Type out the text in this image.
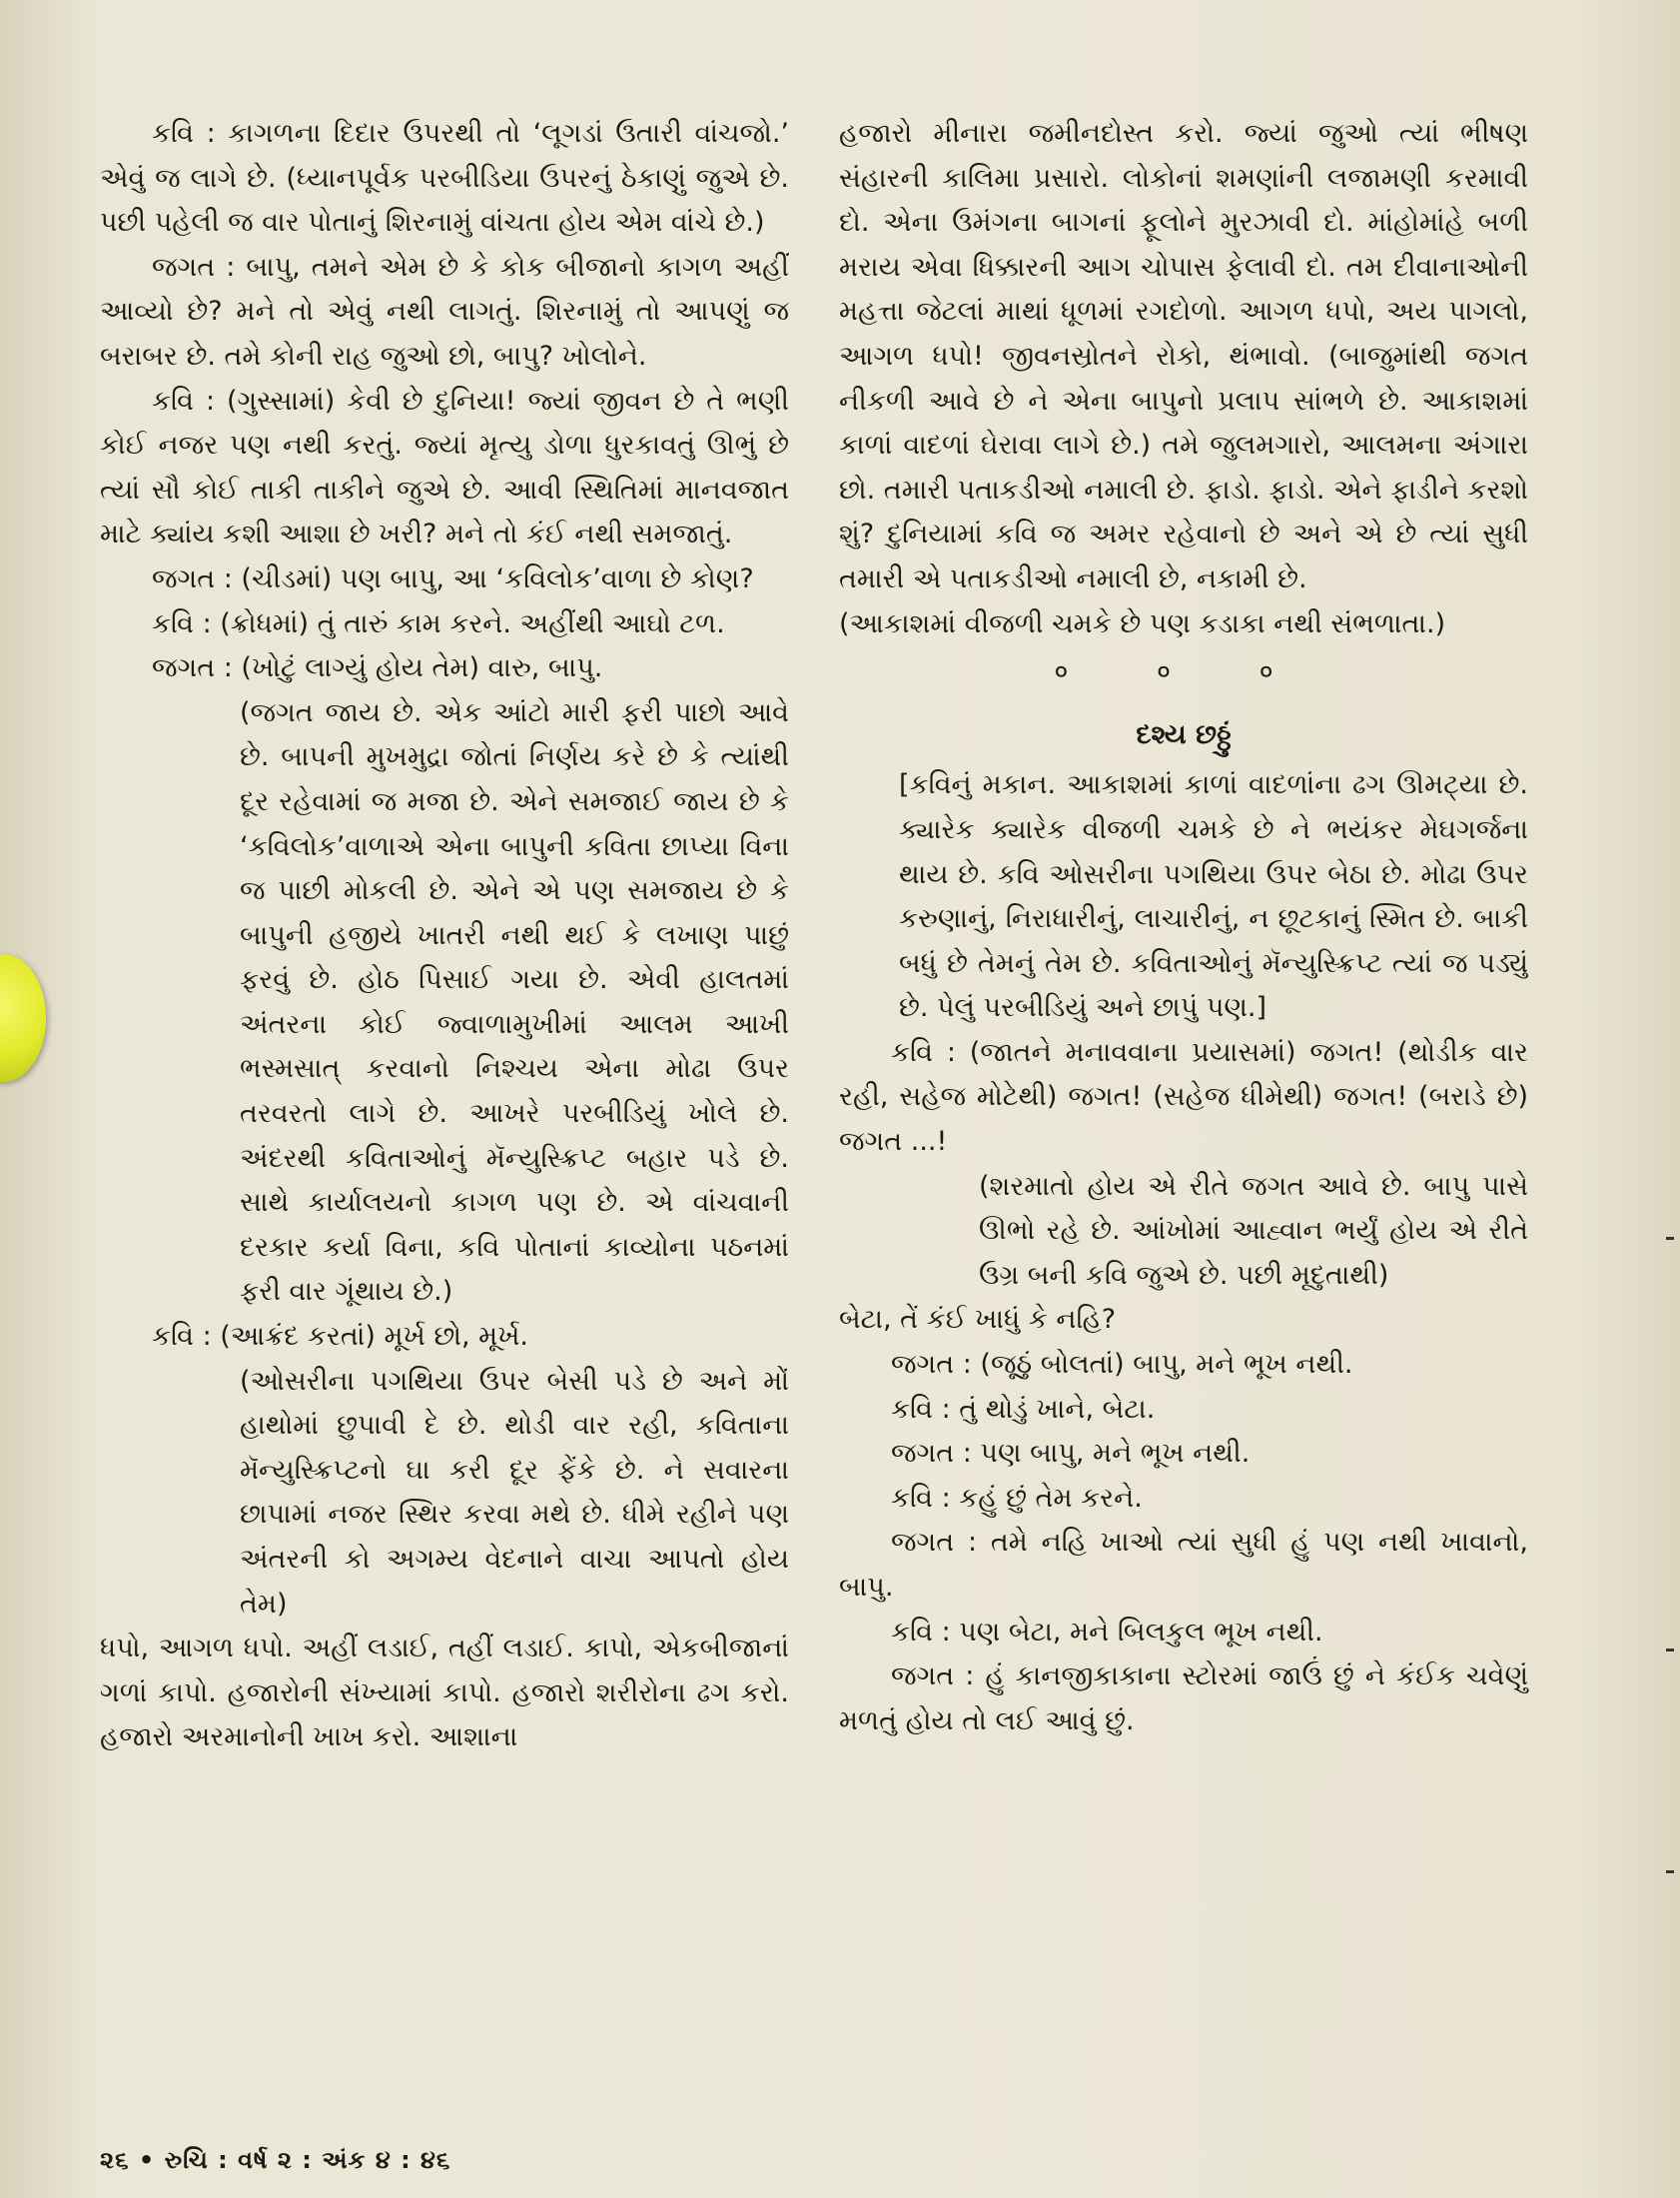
કવિ : કાગળના દિદાર ઉપરથી તો ‘લૂગડાં ઉતારી વાંચજો.’ એવું જ લાગે છે. (ધ્યાનપૂર્વક પરબીડિયા ઉપરનું ઠેકાણું જુએ છે. પછી પહેલી જ વાર પોતાનું શિરનામું વાંચતા હોય એમ વાંચે છે.)

જગત : બાપુ, તમને એમ છે કે કોક બીજાનો કાગળ અહીં આવ્યો છે? મને તો એવું નથી લાગતું. શિરનામું તો આપણું જ બરાબર છે. તમે કોની રાહ જુઓ છો, બાપુ? ખોલોને.

કવિ : (ગુસ્સામાં) કેવી છે દુનિયા! જ્યાં જીવન છે તે ભણી કોઈ નજર પણ નથી કરતું. જ્યાં મૃત્યુ ડોળા ધુરકાવતું ઊભું છે ત્યાં સૌ કોઈ તાકી તાકીને જુએ છે. આવી સ્થિતિમાં માનવજાત માટે ક્યાંય કશી આશા છે ખરી? મને તો કંઈ નથી સમજાતું.

જગત : (ચીડમાં) પણ બાપુ, આ ‘કવિલોક’વાળા છે કોણ?

કવિ : (ક્રોધમાં) તું તારું કામ કરને. અહીંથી આઘો ટળ.

જગત : (ખોટું લાગ્યું હોય તેમ) વારુ, બાપુ.

(જગત જાય છે. એક આંટો મારી ફરી પાછો આવે છે. બાપની મુખમુદ્રા જોતાં નિર્ણય કરે છે કે ત્યાંથી દૂર રહેવામાં જ મજા છે. એને સમજાઈ જાય છે કે ‘કવિલોક’વાળાએ એના બાપુની કવિતા છાપ્યા વિના જ પાછી મોકલી છે. એને એ પણ સમજાય છે કે બાપુની હજીયે ખાતરી નથી થઈ કે લખાણ પાછું ફરવું છે. હોઠ પિસાઈ ગયા છે. એવી હાલતમાં અંતરના કોઈ જ્વાળામુખીમાં આલમ આખી ભસ્મસાત્ કરવાનો નિશ્ચય એના મોઢા ઉપર તરવરતો લાગે છે. આખરે પરબીડિયું ખોલે છે. અંદરથી કવિતાઓનું મૅન્યુસ્ક્રિપ્ટ બહાર પડે છે. સાથે કાર્યાલયનો કાગળ પણ છે. એ વાંચવાની દરકાર કર્યા વિના, કવિ પોતાનાં કાવ્યોના પઠનમાં ફરી વાર ગૂંથાય છે.)

કવિ : (આક્રંદ કરતાં) મૂર્ખ છો, મૂર્ખ.

(ઓસરીના પગથિયા ઉપર બેસી પડે છે અને મોં હાથોમાં છુપાવી દે છે. થોડી વાર રહી, કવિતાના મૅન્યુસ્ક્રિપ્ટનો ઘા કરી દૂર ફેંકે છે. ને સવારના છાપામાં નજર સ્થિર કરવા મથે છે. ધીમે રહીને પણ અંતરની કો અગમ્ય વેદનાને વાચા આપતો હોય તેમ)

ધપો, આગળ ધપો. અહીં લડાઈ, તહીં લડાઈ. કાપો, એકબીજાનાં ગળાં કાપો. હજારોની સંખ્યામાં કાપો. હજારો શરીરોના ઢગ કરો. હજારો અરમાનોની ખાખ કરો. આશાના

હજારો મીનારા જમીનદોસ્ત કરો. જ્યાં જુઓ ત્યાં ભીષણ સંહારની કાલિમા પ્રસારો. લોકોનાં શમણાંની લજામણી કરમાવી દો. એના ઉમંગના બાગનાં ફૂલોને મુરઝાવી દો. માંહોમાંહે બળી મરાય એવા ધિક્કારની આગ ચોપાસ ફેલાવી દો. તમ દીવાનાઓની મહત્તા જેટલાં માથાં ધૂળમાં રગદોળો. આગળ ધપો, અય પાગલો, આગળ ધપો! જીવનસ્રોતને રોકો, થંભાવો. (બાજુમાંથી જગત નીકળી આવે છે ને એના બાપુનો પ્રલાપ સાંભળે છે. આકાશમાં કાળાં વાદળાં ઘેરાવા લાગે છે.) તમે જુલમગારો, આલમના અંગારા છો. તમારી પતાકડીઓ નમાલી છે. ફાડો. ફાડો. એને ફાડીને કરશો શું? દુનિયામાં કવિ જ અમર રહેવાનો છે અને એ છે ત્યાં સુધી તમારી એ પતાકડીઓ નમાલી છે, નકામી છે.

(આકાશમાં વીજળી ચમકે છે પણ કડાકા નથી સંભળાતા.)

० ० ०

દશ્ય છઠ્ઠું

[કવિનું મકાન. આકાશમાં કાળાં વાદળાંના ઢગ ઊમટ્યા છે. ક્યારેક ક્યારેક વીજળી ચમકે છે ને ભયંકર મેઘગર્જના થાય છે. કવિ ઓસરીના પગથિયા ઉપર બેઠા છે. મોઢા ઉપર કરુણાનું, નિરાધારીનું, લાચારીનું, ન છૂટકાનું સ્મિત છે. બાકી બધું છે તેમનું તેમ છે. કવિતાઓનું મૅન્યુસ્ક્રિપ્ટ ત્યાં જ પડ્યું છે. પેલું પરબીડિયું અને છાપું પણ.]

કવિ : (જાતને મનાવવાના પ્રયાસમાં) જગત! (થોડીક વાર રહી, સહેજ મોટેથી) જગત! (સહેજ ધીમેથી) જગત! (બરાડે છે) જગત ...!

(શરમાતો હોય એ રીતે જગત આવે છે. બાપુ પાસે ઊભો રહે છે. આંખોમાં આહ્વાન ભર્યું હોય એ રીતે ઉગ્ર બની કવિ જુએ છે. પછી મૃદુતાથી)

બેટા, તેં કંઈ ખાધું કે નહિ?

જગત : (જૂઠું બોલતાં) બાપુ, મને ભૂખ નથી.

કવિ : તું થોડું ખાને, બેટા.

જગત : પણ બાપુ, મને ભૂખ નથી.

કવિ : કહું છું તેમ કરને.

જગત : તમે નહિ ખાઓ ત્યાં સુધી હું પણ નથી ખાવાનો, બાપુ.

કવિ : પણ બેટા, મને બિલકુલ ભૂખ નથી.

જગત : હું કાનજીકાકાના સ્ટોરમાં જાઉં છું ને કંઈક ચવેણું મળતું હોય તો લઈ આવું છું.

૨૬ • રુચિ : વર્ષ ૨ : અંક ૪ : ૪૬
